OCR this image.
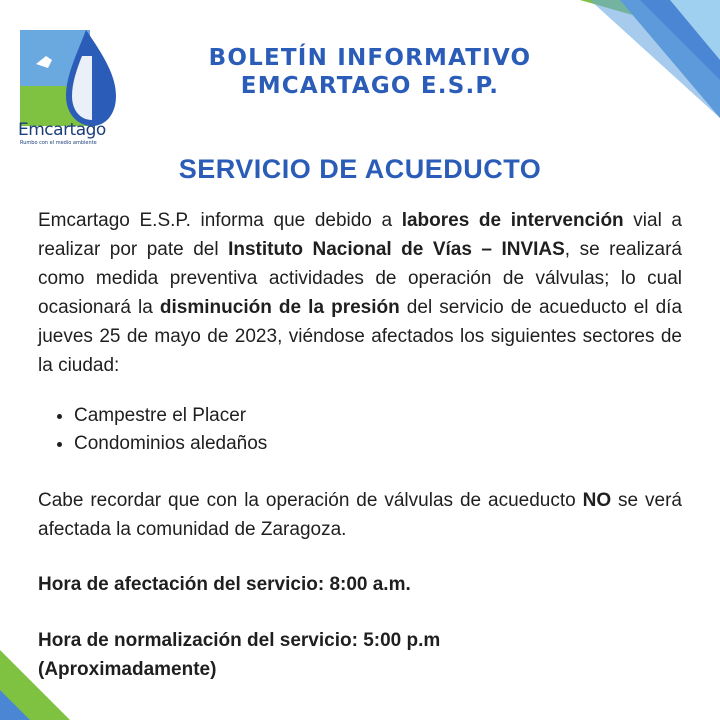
Emcartago
Rumbo con el medio ambiente
BOLETÍN INFORMATIVO
EMCARTAGO E.S.P.
SERVICIO DE ACUEDUCTO
Emcartago E.S.P. informa que debido a labores de intervención vial a realizar por pate del Instituto Nacional de Vías – INVIAS, se realizará como medida preventiva actividades de operación de válvulas; lo cual ocasionará la disminución de la presión del servicio de acueducto el día jueves 25 de mayo de 2023, viéndose afectados los siguientes sectores de la ciudad:
• Campestre el Placer
• Condominios aledaños
Cabe recordar que con la operación de válvulas de acueducto NO se verá afectada la comunidad de Zaragoza.
Hora de afectación del servicio: 8:00 a.m.
Hora de normalización del servicio: 5:00 p.m
(Aproximadamente)
